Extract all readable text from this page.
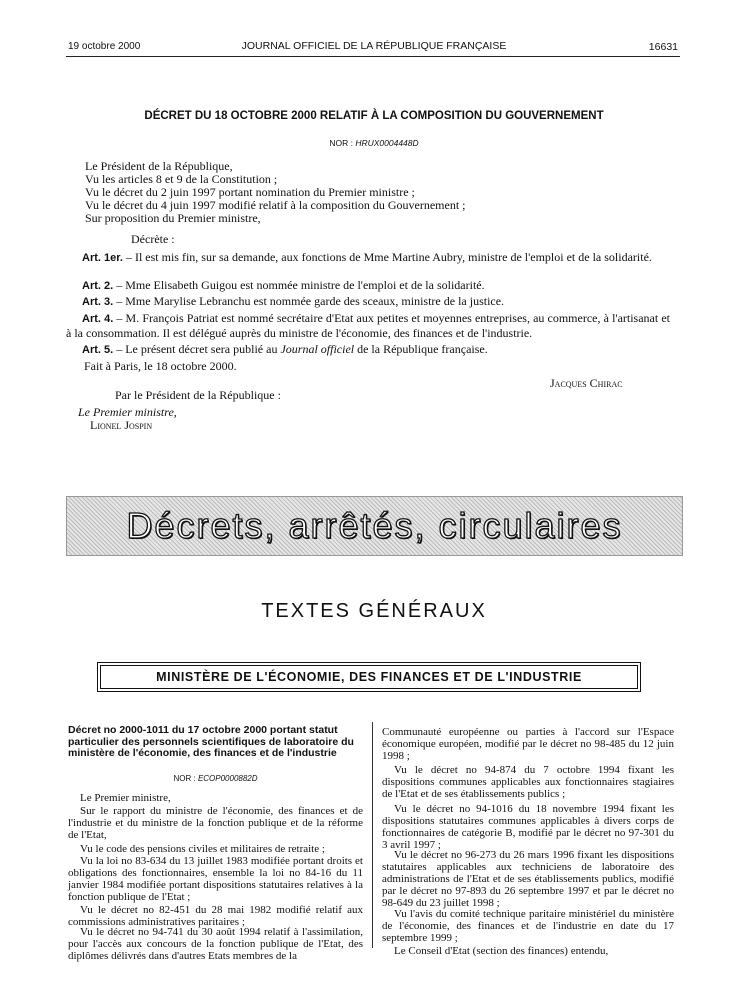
19 octobre 2000	JOURNAL OFFICIEL DE LA RÉPUBLIQUE FRANÇAISE	16631
DÉCRET DU 18 OCTOBRE 2000 RELATIF À LA COMPOSITION DU GOUVERNEMENT
NOR : HRUX0004448D
Le Président de la République,
Vu les articles 8 et 9 de la Constitution ;
Vu le décret du 2 juin 1997 portant nomination du Premier ministre ;
Vu le décret du 4 juin 1997 modifié relatif à la composition du Gouvernement ;
Sur proposition du Premier ministre,
Décrète :
Art. 1er. – Il est mis fin, sur sa demande, aux fonctions de Mme Martine Aubry, ministre de l'emploi et de la solidarité.
Art. 2. – Mme Elisabeth Guigou est nommée ministre de l'emploi et de la solidarité.
Art. 3. – Mme Marylise Lebranchu est nommée garde des sceaux, ministre de la justice.
Art. 4. – M. François Patriat est nommé secrétaire d'Etat aux petites et moyennes entreprises, au commerce, à l'artisanat et à la consommation. Il est délégué auprès du ministre de l'économie, des finances et de l'industrie.
Art. 5. – Le présent décret sera publié au Journal officiel de la République française.
Fait à Paris, le 18 octobre 2000.
Jacques Chirac
Par le Président de la République :
Le Premier ministre,
Lionel Jospin
Décrets, arrêtés, circulaires
TEXTES GÉNÉRAUX
MINISTÈRE DE L'ÉCONOMIE, DES FINANCES ET DE L'INDUSTRIE
Décret no 2000-1011 du 17 octobre 2000 portant statut particulier des personnels scientifiques de laboratoire du ministère de l'économie, des finances et de l'industrie
NOR : ECOP0000882D
Le Premier ministre,
Sur le rapport du ministre de l'économie, des finances et de l'industrie et du ministre de la fonction publique et de la réforme de l'Etat,
Vu le code des pensions civiles et militaires de retraite ;
Vu la loi no 83-634 du 13 juillet 1983 modifiée portant droits et obligations des fonctionnaires, ensemble la loi no 84-16 du 11 janvier 1984 modifiée portant dispositions statutaires relatives à la fonction publique de l'Etat ;
Vu le décret no 82-451 du 28 mai 1982 modifié relatif aux commissions administratives paritaires ;
Vu le décret no 94-741 du 30 août 1994 relatif à l'assimilation, pour l'accès aux concours de la fonction publique de l'Etat, des diplômes délivrés dans d'autres Etats membres de la
Communauté européenne ou parties à l'accord sur l'Espace économique européen, modifié par le décret no 98-485 du 12 juin 1998 ;
Vu le décret no 94-874 du 7 octobre 1994 fixant les dispositions communes applicables aux fonctionnaires stagiaires de l'Etat et de ses établissements publics ;
Vu le décret no 94-1016 du 18 novembre 1994 fixant les dispositions statutaires communes applicables à divers corps de fonctionnaires de catégorie B, modifié par le décret no 97-301 du 3 avril 1997 ;
Vu le décret no 96-273 du 26 mars 1996 fixant les dispositions statutaires applicables aux techniciens de laboratoire des administrations de l'Etat et de ses établissements publics, modifié par le décret no 97-893 du 26 septembre 1997 et par le décret no 98-649 du 23 juillet 1998 ;
Vu l'avis du comité technique paritaire ministériel du ministère de l'économie, des finances et de l'industrie en date du 17 septembre 1999 ;
Le Conseil d'Etat (section des finances) entendu,
